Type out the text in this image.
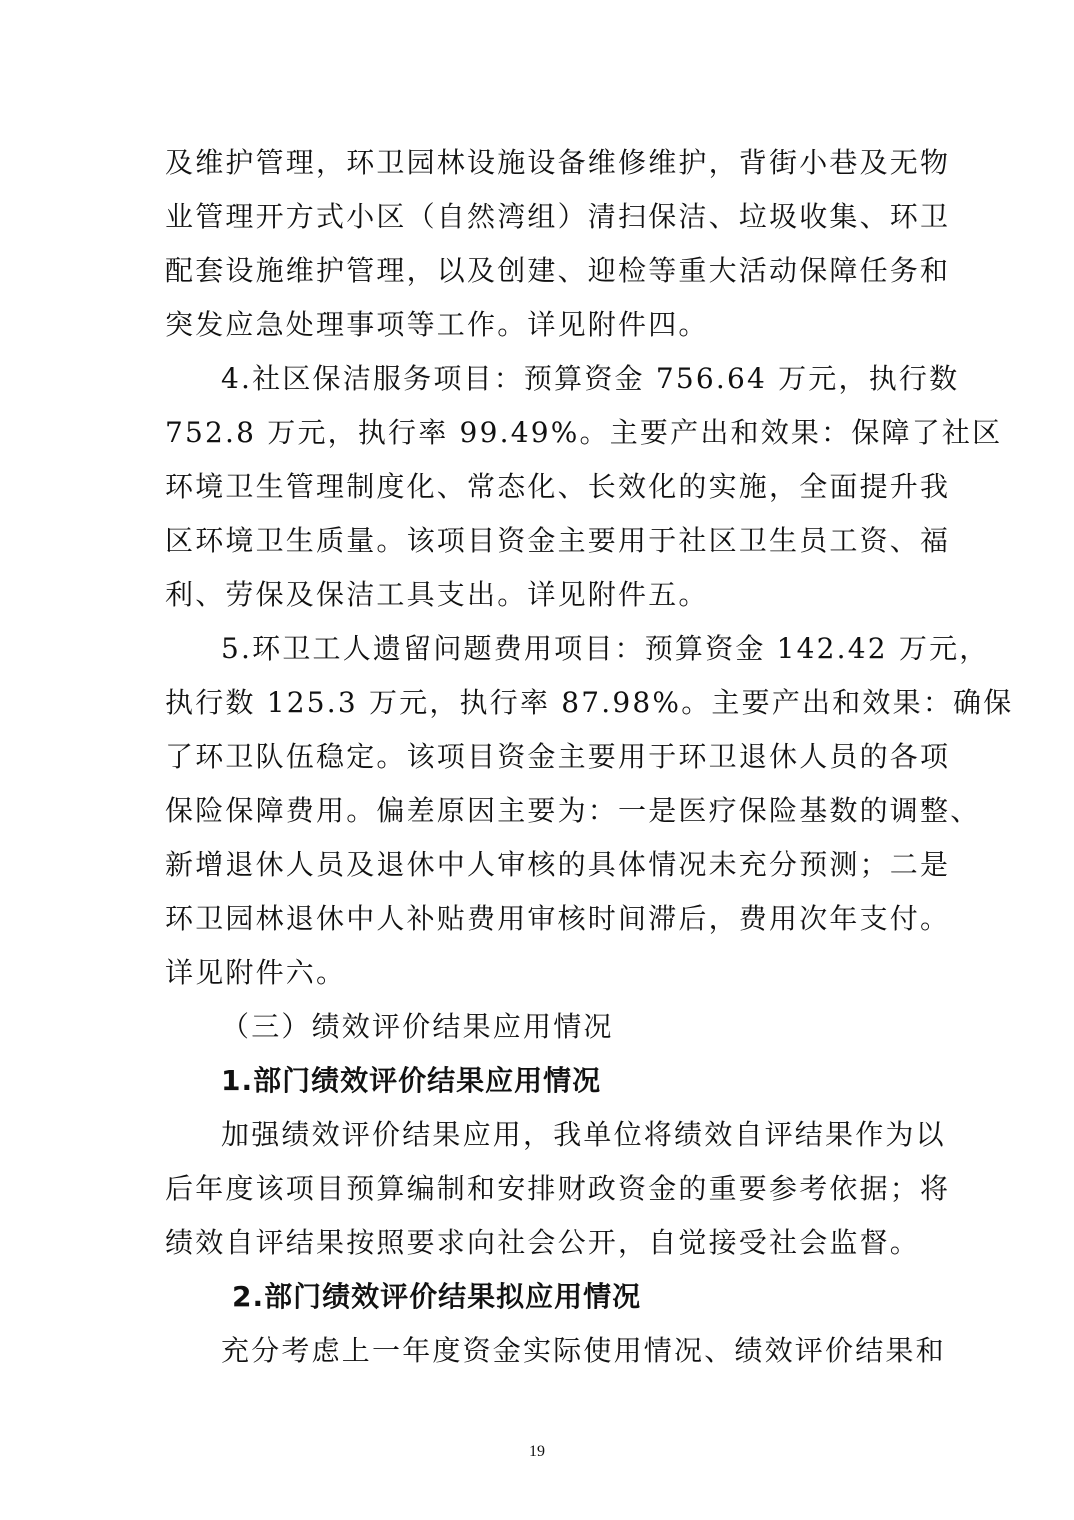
及维护管理，环卫园林设施设备维修维护，背街小巷及无物
业管理开方式小区（自然湾组）清扫保洁、垃圾收集、环卫
配套设施维护管理，以及创建、迎检等重大活动保障任务和
突发应急处理事项等工作。详见附件四。
4.社区保洁服务项目：预算资金 756.64 万元，执行数
752.8 万元，执行率 99.49%。主要产出和效果：保障了社区
环境卫生管理制度化、常态化、长效化的实施，全面提升我
区环境卫生质量。该项目资金主要用于社区卫生员工资、福
利、劳保及保洁工具支出。详见附件五。
5.环卫工人遗留问题费用项目：预算资金 142.42 万元，
执行数 125.3 万元，执行率 87.98%。主要产出和效果：确保
了环卫队伍稳定。该项目资金主要用于环卫退休人员的各项
保险保障费用。偏差原因主要为：一是医疗保险基数的调整、
新增退休人员及退休中人审核的具体情况未充分预测；二是
环卫园林退休中人补贴费用审核时间滞后，费用次年支付。
详见附件六。
（三）绩效评价结果应用情况
1.部门绩效评价结果应用情况
加强绩效评价结果应用，我单位将绩效自评结果作为以
后年度该项目预算编制和安排财政资金的重要参考依据；将
绩效自评结果按照要求向社会公开，自觉接受社会监督。
2.部门绩效评价结果拟应用情况
充分考虑上一年度资金实际使用情况、绩效评价结果和
19
